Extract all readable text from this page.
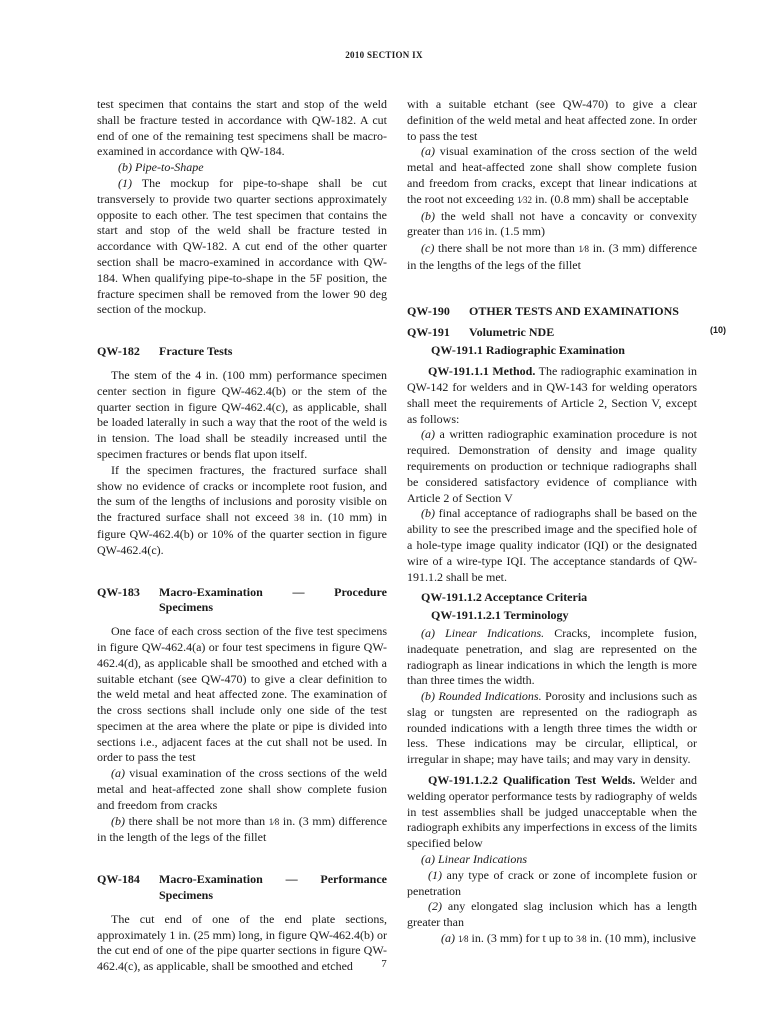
2010 SECTION IX

test specimen that contains the start and stop of the weld shall be fracture tested in accordance with QW-182. A cut end of one of the remaining test specimens shall be macro-examined in accordance with QW-184.

(b) Pipe-to-Shape

(1) The mockup for pipe-to-shape shall be cut transversely to provide two quarter sections approximately opposite to each other. The test specimen that contains the start and stop of the weld shall be fracture tested in accordance with QW-182. A cut end of the other quarter section shall be macro-examined in accordance with QW-184. When qualifying pipe-to-shape in the 5F position, the fracture specimen shall be removed from the lower 90 deg section of the mockup.

QW-182	Fracture Tests

The stem of the 4 in. (100 mm) performance specimen center section in figure QW-462.4(b) or the stem of the quarter section in figure QW-462.4(c), as applicable, shall be loaded laterally in such a way that the root of the weld is in tension. The load shall be steadily increased until the specimen fractures or bends flat upon itself.

If the specimen fractures, the fractured surface shall show no evidence of cracks or incomplete root fusion, and the sum of the lengths of inclusions and porosity visible on the fractured surface shall not exceed 3⁄8 in. (10 mm) in figure QW-462.4(b) or 10% of the quarter section in figure QW-462.4(c).

QW-183	Macro-Examination — Procedure Specimens

One face of each cross section of the five test specimens in figure QW-462.4(a) or four test specimens in figure QW-462.4(d), as applicable shall be smoothed and etched with a suitable etchant (see QW-470) to give a clear definition to the weld metal and heat affected zone. The examination of the cross sections shall include only one side of the test specimen at the area where the plate or pipe is divided into sections i.e., adjacent faces at the cut shall not be used. In order to pass the test

(a) visual examination of the cross sections of the weld metal and heat-affected zone shall show complete fusion and freedom from cracks

(b) there shall be not more than 1⁄8 in. (3 mm) difference in the length of the legs of the fillet

QW-184	Macro-Examination — Performance Specimens

The cut end of one of the end plate sections, approximately 1 in. (25 mm) long, in figure QW-462.4(b) or the cut end of one of the pipe quarter sections in figure QW-462.4(c), as applicable, shall be smoothed and etched

with a suitable etchant (see QW-470) to give a clear definition of the weld metal and heat affected zone. In order to pass the test

(a) visual examination of the cross section of the weld metal and heat-affected zone shall show complete fusion and freedom from cracks, except that linear indications at the root not exceeding 1⁄32 in. (0.8 mm) shall be acceptable

(b) the weld shall not have a concavity or convexity greater than 1⁄16 in. (1.5 mm)

(c) there shall be not more than 1⁄8 in. (3 mm) difference in the lengths of the legs of the fillet

QW-190	OTHER TESTS AND EXAMINATIONS
QW-191	Volumetric NDE

QW-191.1 Radiographic Examination

QW-191.1.1 Method. The radiographic examination in QW-142 for welders and in QW-143 for welding operators shall meet the requirements of Article 2, Section V, except as follows:

(a) a written radiographic examination procedure is not required. Demonstration of density and image quality requirements on production or technique radiographs shall be considered satisfactory evidence of compliance with Article 2 of Section V

(b) final acceptance of radiographs shall be based on the ability to see the prescribed image and the specified hole of a hole-type image quality indicator (IQI) or the designated wire of a wire-type IQI. The acceptance standards of QW-191.1.2 shall be met.

QW-191.1.2 Acceptance Criteria

QW-191.1.2.1 Terminology

(a) Linear Indications. Cracks, incomplete fusion, inadequate penetration, and slag are represented on the radiograph as linear indications in which the length is more than three times the width.

(b) Rounded Indications. Porosity and inclusions such as slag or tungsten are represented on the radiograph as rounded indications with a length three times the width or less. These indications may be circular, elliptical, or irregular in shape; may have tails; and may vary in density.

QW-191.1.2.2 Qualification Test Welds. Welder and welding operator performance tests by radiography of welds in test assemblies shall be judged unacceptable when the radiograph exhibits any imperfections in excess of the limits specified below

(a) Linear Indications

(1) any type of crack or zone of incomplete fusion or penetration

(2) any elongated slag inclusion which has a length greater than

(a) 1⁄8 in. (3 mm) for t up to 3⁄8 in. (10 mm), inclusive

(10)
7
